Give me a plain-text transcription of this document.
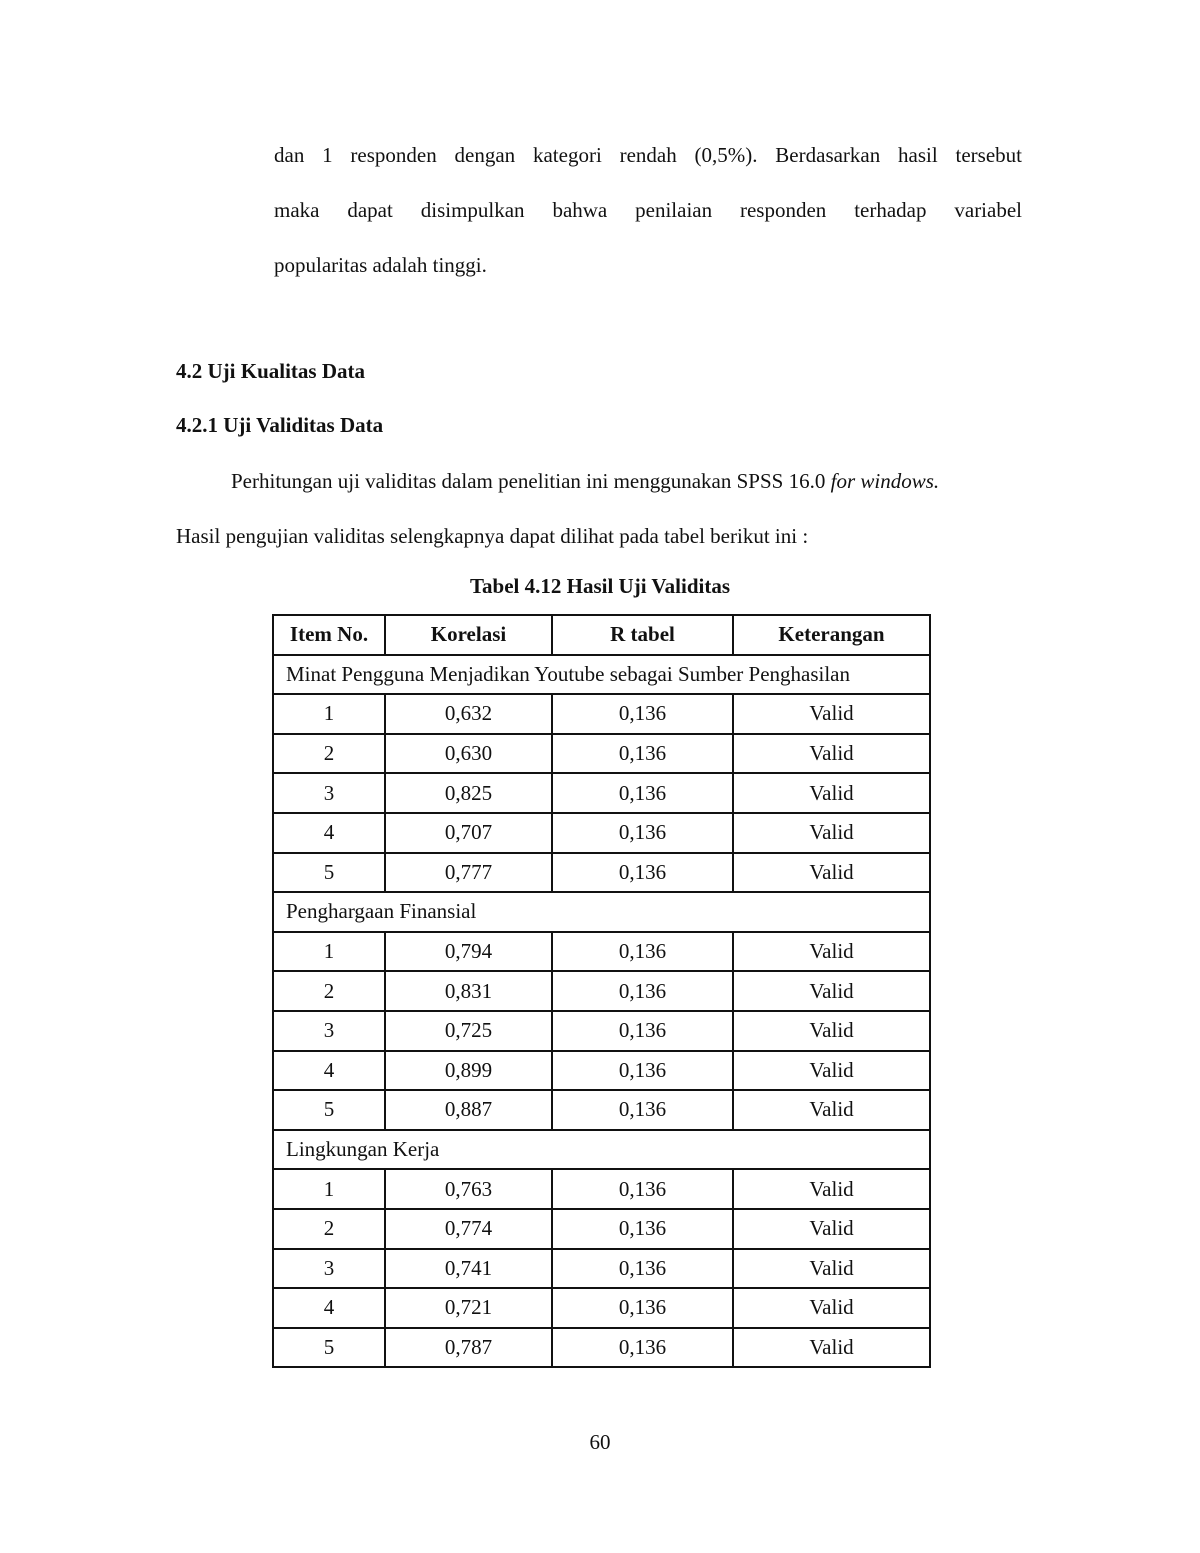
dan 1 responden dengan kategori rendah (0,5%). Berdasarkan hasil tersebut

maka dapat disimpulkan bahwa penilaian responden terhadap variabel

popularitas adalah tinggi.

4.2 Uji Kualitas Data
4.2.1 Uji Validitas Data

Perhitungan uji validitas dalam penelitian ini menggunakan SPSS 16.0 for windows.

Hasil pengujian validitas selengkapnya dapat dilihat pada tabel berikut ini :

Tabel 4.12 Hasil Uji Validitas
Item No.	Korelasi	R tabel	Keterangan
Minat Pengguna Menjadikan Youtube sebagai Sumber Penghasilan			
1	0,632	0,136	Valid
2	0,630	0,136	Valid
3	0,825	0,136	Valid
4	0,707	0,136	Valid
5	0,777	0,136	Valid
Penghargaan Finansial			
1	0,794	0,136	Valid
2	0,831	0,136	Valid
3	0,725	0,136	Valid
4	0,899	0,136	Valid
5	0,887	0,136	Valid
Lingkungan Kerja			
1	0,763	0,136	Valid
2	0,774	0,136	Valid
3	0,741	0,136	Valid
4	0,721	0,136	Valid
5	0,787	0,136	Valid
60
